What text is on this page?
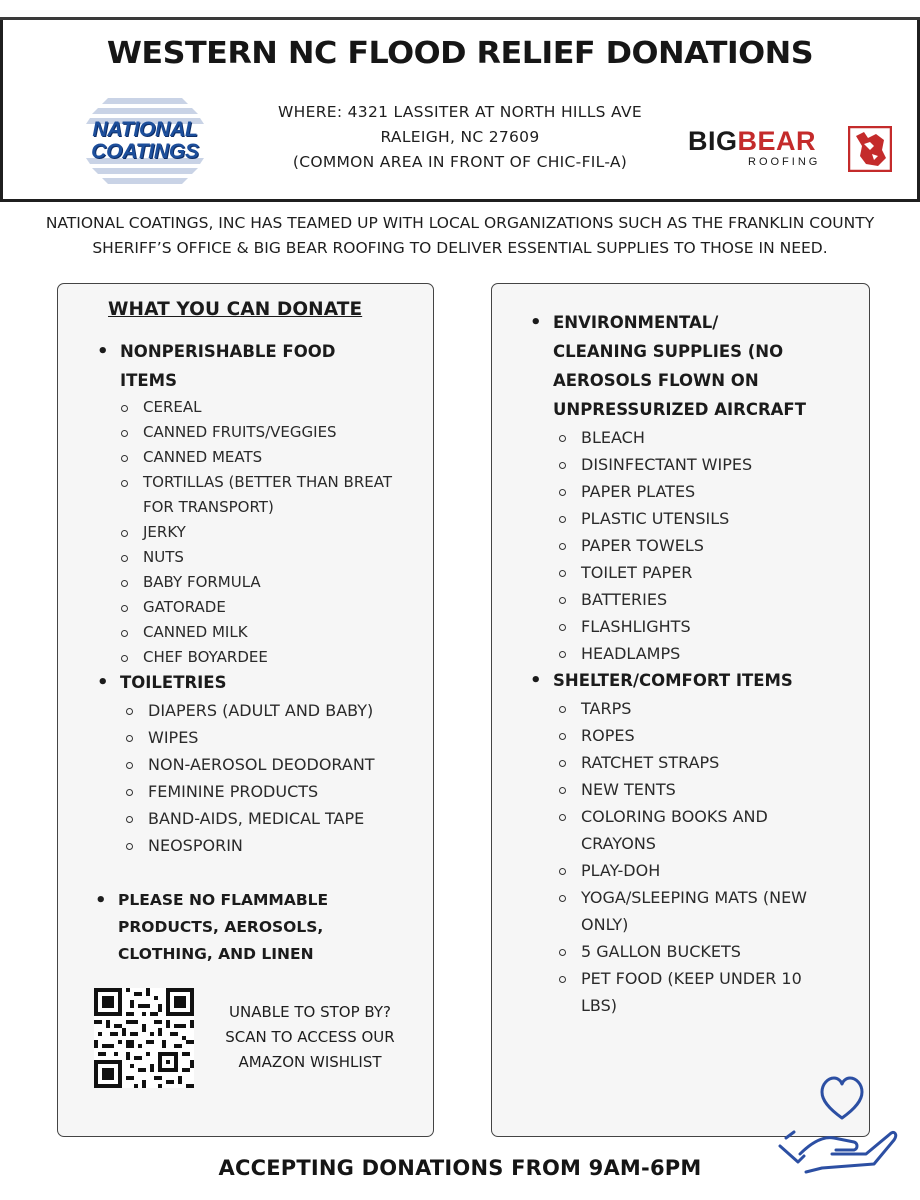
WESTERN NC FLOOD RELIEF DONATIONS
NATIONAL
COATINGS
WHERE: 4321 LASSITER AT NORTH HILLS AVE
RALEIGH, NC 27609
(COMMON AREA IN FRONT OF CHIC-FIL-A)
BIGBEAR
ROOFING
NATIONAL COATINGS, INC HAS TEAMED UP WITH LOCAL ORGANIZATIONS SUCH AS THE FRANKLIN COUNTY SHERIFF’S OFFICE & BIG BEAR ROOFING TO DELIVER ESSENTIAL SUPPLIES TO THOSE IN NEED.
WHAT YOU CAN DONATE
• NONPERISHABLE FOOD
ITEMS
CEREAL
CANNED FRUITS/VEGGIES
CANNED MEATS
TORTILLAS (BETTER THAN BREAT
FOR TRANSPORT)
JERKY
NUTS
BABY FORMULA
GATORADE
CANNED MILK
CHEF BOYARDEE
• TOILETRIES
DIAPERS (ADULT AND BABY)
WIPES
NON-AEROSOL DEODORANT
FEMININE PRODUCTS
BAND-AIDS, MEDICAL TAPE
NEOSPORIN
• PLEASE NO FLAMMABLE
PRODUCTS, AEROSOLS,
CLOTHING, AND LINEN
UNABLE TO STOP BY?
SCAN TO ACCESS OUR
AMAZON WISHLIST
• ENVIRONMENTAL/
CLEANING SUPPLIES (NO
AEROSOLS FLOWN ON
UNPRESSURIZED AIRCRAFT
BLEACH
DISINFECTANT WIPES
PAPER PLATES
PLASTIC UTENSILS
PAPER TOWELS
TOILET PAPER
BATTERIES
FLASHLIGHTS
HEADLAMPS
• SHELTER/COMFORT ITEMS
TARPS
ROPES
RATCHET STRAPS
NEW TENTS
COLORING BOOKS AND
CRAYONS
PLAY-DOH
YOGA/SLEEPING MATS (NEW
ONLY)
5 GALLON BUCKETS
PET FOOD (KEEP UNDER 10
LBS)
ACCEPTING DONATIONS FROM 9AM-6PM
